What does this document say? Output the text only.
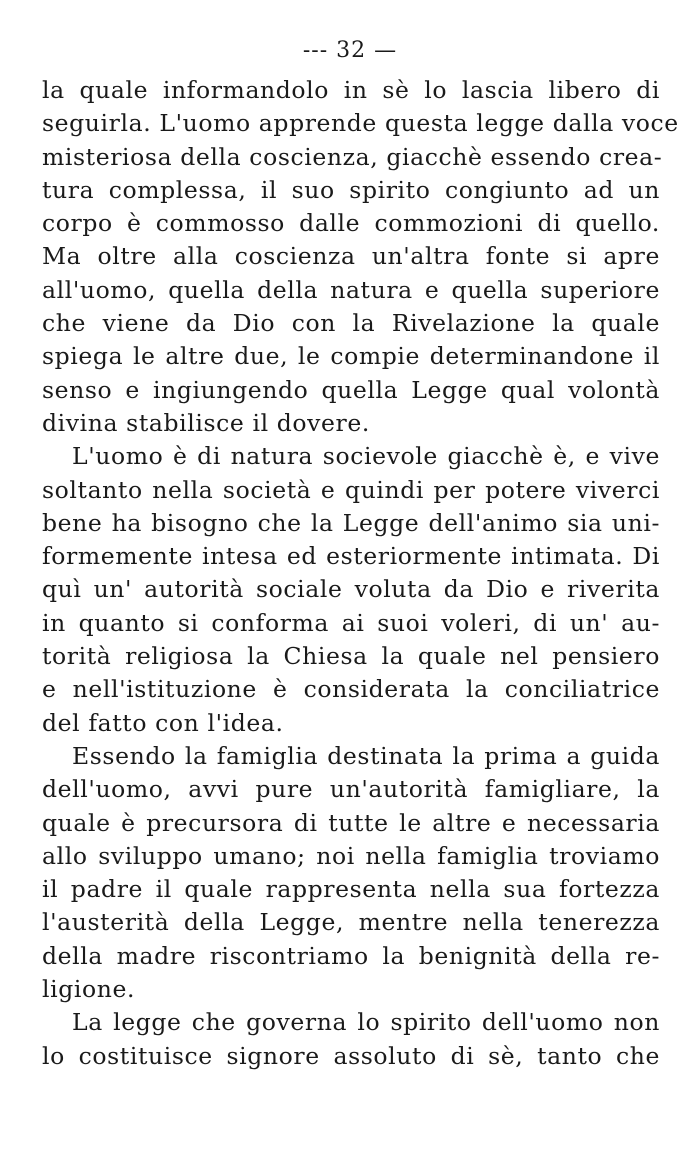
--- 32 —
la quale informandolo in sè lo lascia libero di
seguirla. L'uomo apprende questa legge dalla voce
misteriosa della coscienza, giacchè essendo crea-
tura complessa, il suo spirito congiunto ad un
corpo è commosso dalle commozioni di quello.
Ma oltre alla coscienza un'altra fonte si apre
all'uomo, quella della natura e quella superiore
che viene da Dio con la Rivelazione la quale
spiega le altre due, le compie determinandone il
senso e ingiungendo quella Legge qual volontà
divina stabilisce il dovere.
L'uomo è di natura socievole giacchè è, e vive
soltanto nella società e quindi per potere viverci
bene ha bisogno che la Legge dell'animo sia uni-
formemente intesa ed esteriormente intimata. Di
quì un' autorità sociale voluta da Dio e riverita
in quanto si conforma ai suoi voleri, di un' au-
torità religiosa la Chiesa la quale nel pensiero
e nell'istituzione è considerata la conciliatrice
del fatto con l'idea.
Essendo la famiglia destinata la prima a guida
dell'uomo, avvi pure un'autorità famigliare, la
quale è precursora di tutte le altre e necessaria
allo sviluppo umano; noi nella famiglia troviamo
il padre il quale rappresenta nella sua fortezza
l'austerità della Legge, mentre nella tenerezza
della madre riscontriamo la benignità della re-
ligione.
La legge che governa lo spirito dell'uomo non
lo costituisce signore assoluto di sè, tanto che
